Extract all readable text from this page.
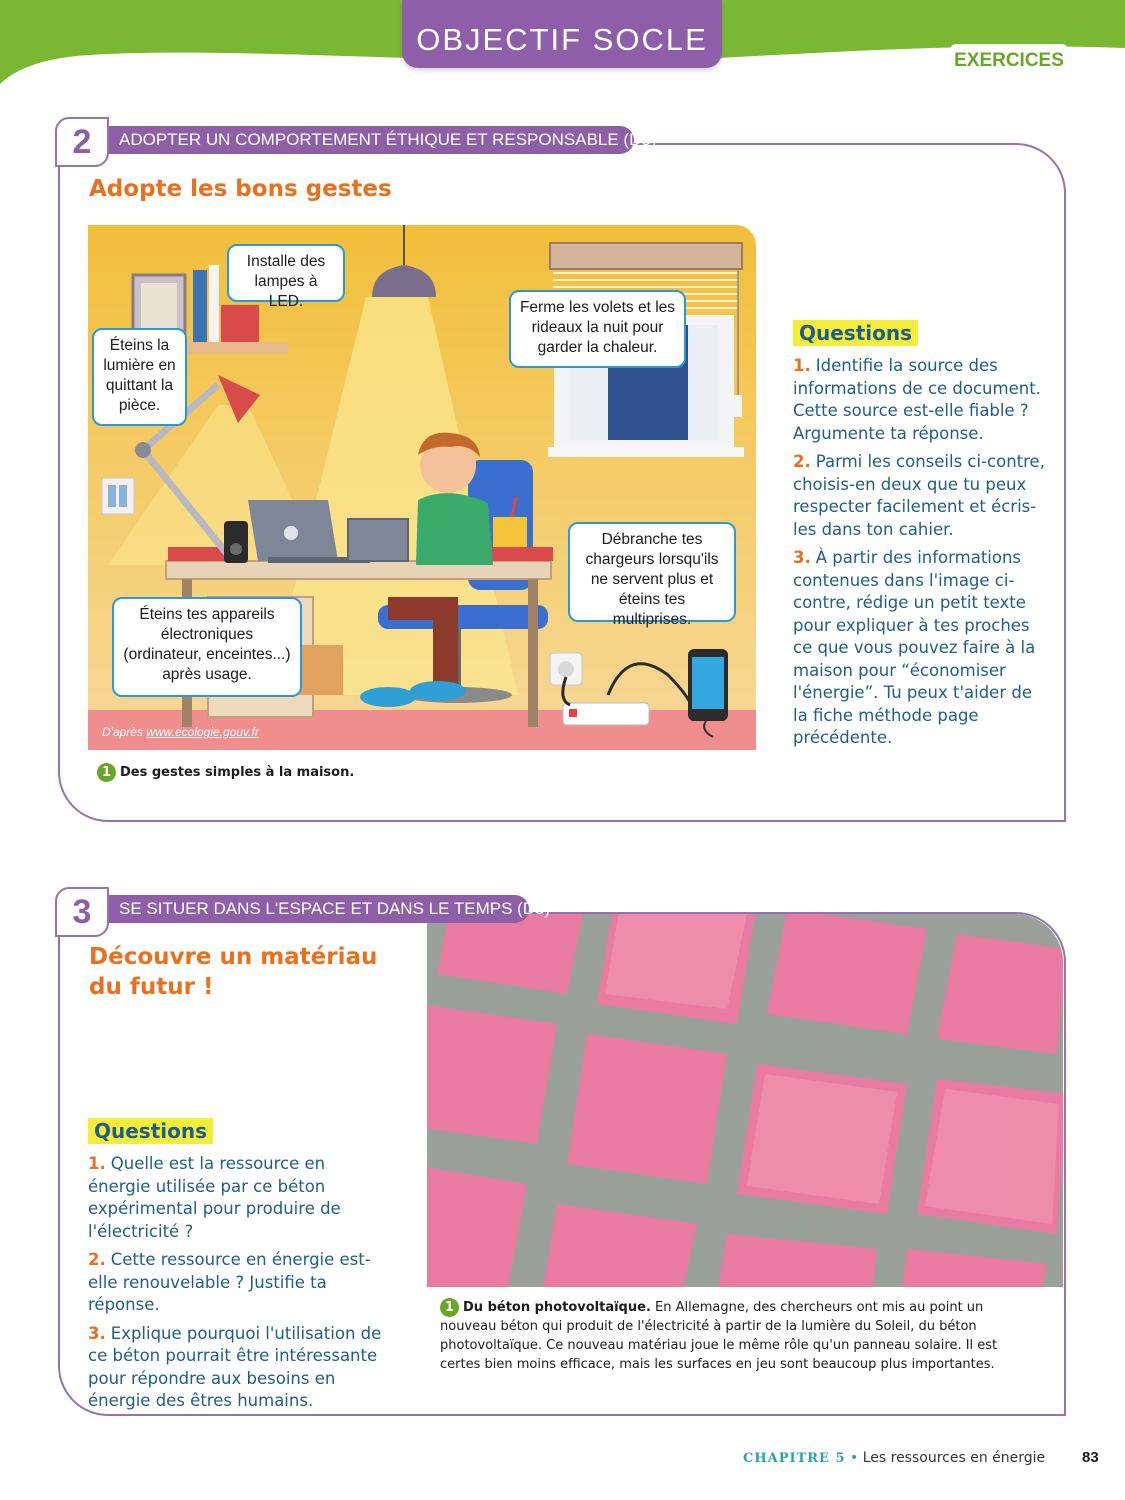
OBJECTIF SOCLE
EXERCICES
2	ADOPTER UN COMPORTEMENT ÉTHIQUE ET RESPONSABLE (D3)
Adopte les bons gestes
Installe des lampes à LED.
Éteins la lumière en quittant la pièce.
Ferme les volets et les rideaux la nuit pour garder la chaleur.
Débranche tes chargeurs lorsqu'ils ne servent plus et éteins tes multiprises.
Éteins tes appareils électroniques (ordinateur, enceintes...) après usage.
D'après www.ecologie.gouv.fr
1 Des gestes simples à la maison.
Questions
1. Identifie la source des informations de ce document. Cette source est-elle fiable ? Argumente ta réponse.
2. Parmi les conseils ci-contre, choisis-en deux que tu peux respecter facilement et écris-les dans ton cahier.
3. À partir des informations contenues dans l'image ci-contre, rédige un petit texte pour expliquer à tes proches ce que vous pouvez faire à la maison pour “économiser l'énergie”. Tu peux t'aider de la fiche méthode page précédente.
3	SE SITUER DANS L'ESPACE ET DANS LE TEMPS (D5)
Découvre un matériau
du futur !
Questions
1. Quelle est la ressource en énergie utilisée par ce béton expérimental pour produire de l'électricité ?
2. Cette ressource en énergie est-elle renouvelable ? Justifie ta réponse.
3. Explique pourquoi l'utilisation de ce béton pourrait être intéressante pour répondre aux besoins en énergie des êtres humains.
1 Du béton photovoltaïque. En Allemagne, des chercheurs ont mis au point un nouveau béton qui produit de l'électricité à partir de la lumière du Soleil, du béton photovoltaïque. Ce nouveau matériau joue le même rôle qu'un panneau solaire. Il est certes bien moins efficace, mais les surfaces en jeu sont beaucoup plus importantes.
CHAPITRE 5 • Les ressources en énergie 83
